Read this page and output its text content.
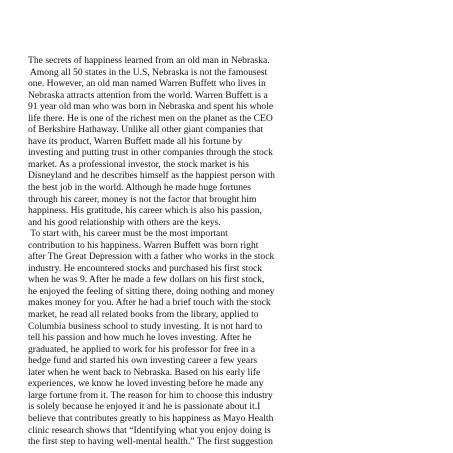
The secrets of happiness learned from an old man in Nebraska.
Among all 50 states in the U.S, Nebraska is not the famousest
one. However, an old man named Warren Buffett who lives in
Nebraska attracts attention from the world. Warren Buffett is a
91 year old man who was born in Nebraska and spent his whole
life there. He is one of the richest men on the planet as the CEO
of Berkshire Hathaway. Unlike all other giant companies that
have its product, Warren Buffett made all his fortune by
investing and putting trust in other companies through the stock
market. As a professional investor, the stock market is his
Disneyland and he describes himself as the happiest person with
the best job in the world. Although he made huge fortunes
through his career, money is not the factor that brought him
happiness. His gratitude, his career which is also his passion,
and his good relationship with others are the keys.
To start with, his career must be the most important
contribution to his happiness. Warren Buffett was born right
after The Great Depression with a father who works in the stock
industry. He encountered stocks and purchased his first stock
when he was 9. After he made a few dollars on his first stock,
he enjoyed the feeling of sitting there, doing nothing and money
makes money for you. After he had a brief touch with the stock
market, he read all related books from the library, applied to
Columbia business school to study investing. It is not hard to
tell his passion and how much he loves investing. After he
graduated, he applied to work for his professor for free in a
hedge fund and started his own investing career a few years
later when he went back to Nebraska. Based on his early life
experiences, we know he loved investing before he made any
large fortune from it. The reason for him to choose this industry
is solely because he enjoyed it and he is passionate about it.I
believe that contributes greatly to his happiness as Mayo Health
clinic research shows that “Identifying what you enjoy doing is
the first step to having well-mental health.” The first suggestion
